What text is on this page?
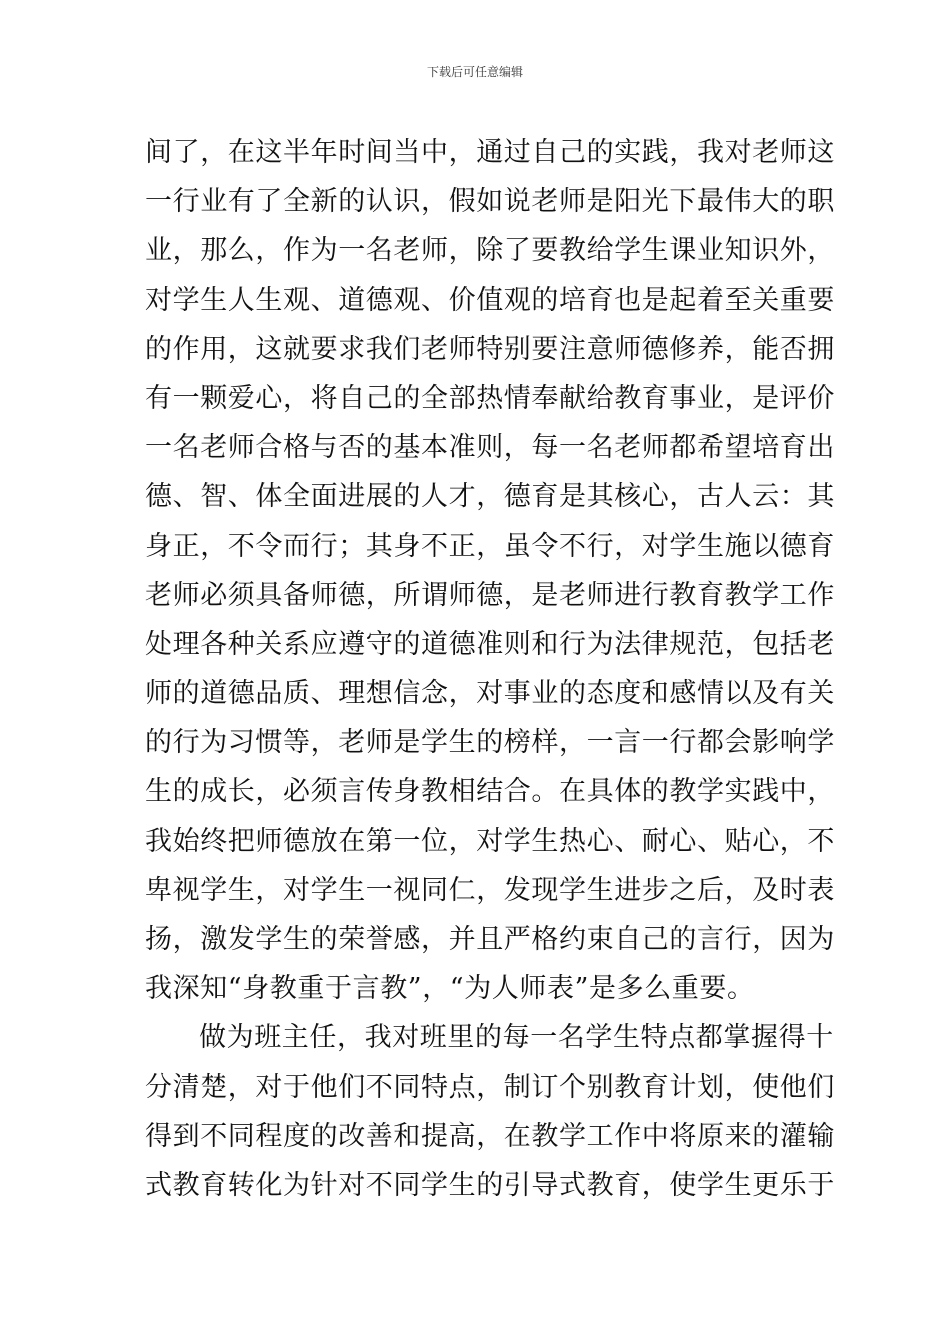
下载后可任意编辑
间了，在这半年时间当中，通过自己的实践，我对老师这
一行业有了全新的认识，假如说老师是阳光下最伟大的职
业，那么，作为一名老师，除了要教给学生课业知识外，
对学生人生观、道德观、价值观的培育也是起着至关重要
的作用，这就要求我们老师特别要注意师德修养，能否拥
有一颗爱心，将自己的全部热情奉献给教育事业，是评价
一名老师合格与否的基本准则，每一名老师都希望培育出
德、智、体全面进展的人才，德育是其核心，古人云：其
身正，不令而行；其身不正，虽令不行，对学生施以德育
老师必须具备师德，所谓师德，是老师进行教育教学工作
处理各种关系应遵守的道德准则和行为法律规范，包括老
师的道德品质、理想信念，对事业的态度和感情以及有关
的行为习惯等，老师是学生的榜样，一言一行都会影响学
生的成长，必须言传身教相结合。在具体的教学实践中，
我始终把师德放在第一位，对学生热心、耐心、贴心，不
卑视学生，对学生一视同仁，发现学生进步之后，及时表
扬，激发学生的荣誉感，并且严格约束自己的言行，因为
我深知“身教重于言教”，“为人师表”是多么重要。
做为班主任，我对班里的每一名学生特点都掌握得十
分清楚，对于他们不同特点，制订个别教育计划，使他们
得到不同程度的改善和提高，在教学工作中将原来的灌输
式教育转化为针对不同学生的引导式教育，使学生更乐于
